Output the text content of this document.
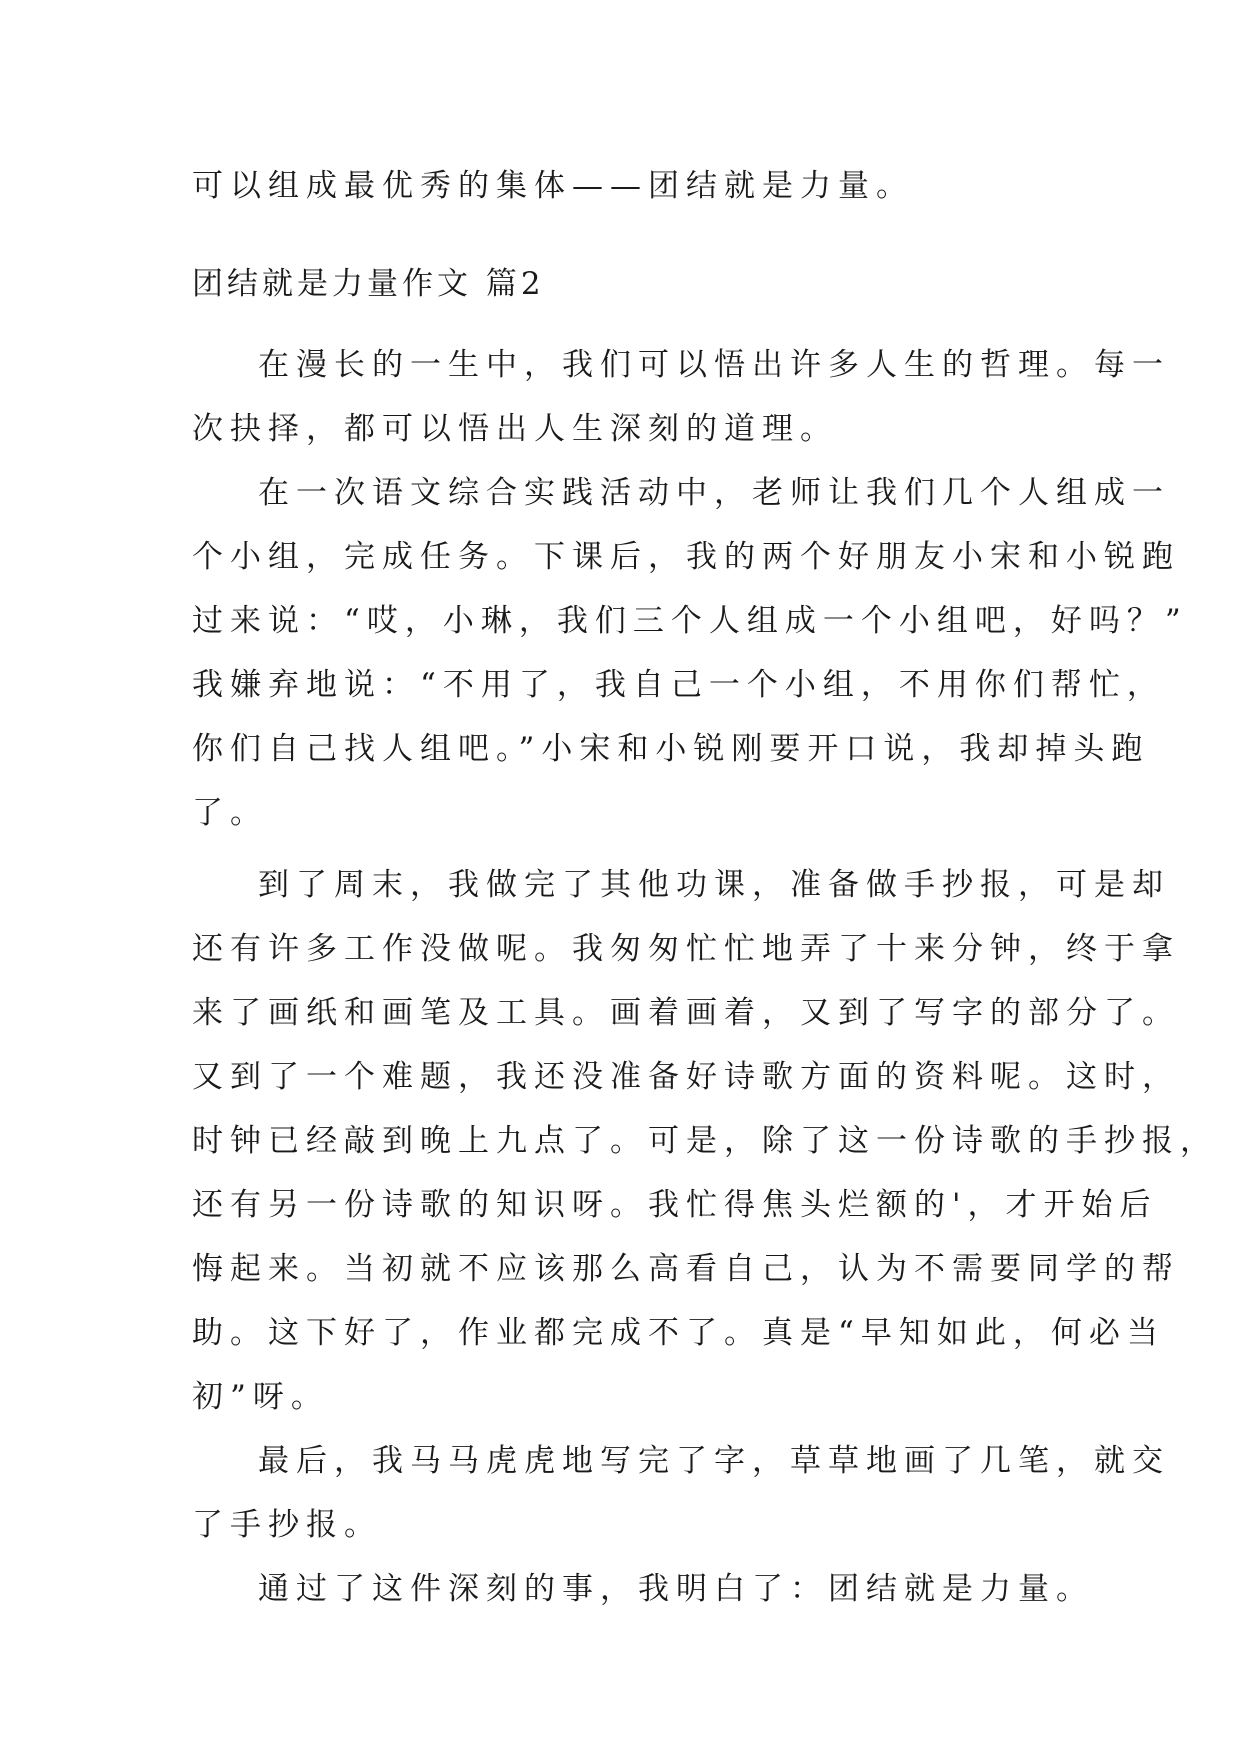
可以组成最优秀的集体——团结就是力量。

团结就是力量作文 篇2
在漫长的一生中，我们可以悟出许多人生的哲理。每一
次抉择，都可以悟出人生深刻的道理。
在一次语文综合实践活动中，老师让我们几个人组成一
个小组，完成任务。下课后，我的两个好朋友小宋和小锐跑
过来说：“哎，小琳，我们三个人组成一个小组吧，好吗？”
我嫌弃地说：“不用了，我自己一个小组，不用你们帮忙，
你们自己找人组吧。”小宋和小锐刚要开口说，我却掉头跑
了。
到了周末，我做完了其他功课，准备做手抄报，可是却
还有许多工作没做呢。我匆匆忙忙地弄了十来分钟，终于拿
来了画纸和画笔及工具。画着画着，又到了写字的部分了。
又到了一个难题，我还没准备好诗歌方面的资料呢。这时，
时钟已经敲到晚上九点了。可是，除了这一份诗歌的手抄报，
还有另一份诗歌的知识呀。我忙得焦头烂额的'，才开始后
悔起来。当初就不应该那么高看自己，认为不需要同学的帮
助。这下好了，作业都完成不了。真是“早知如此，何必当
初”呀。
最后，我马马虎虎地写完了字，草草地画了几笔，就交
了手抄报。
通过了这件深刻的事，我明白了：团结就是力量。
